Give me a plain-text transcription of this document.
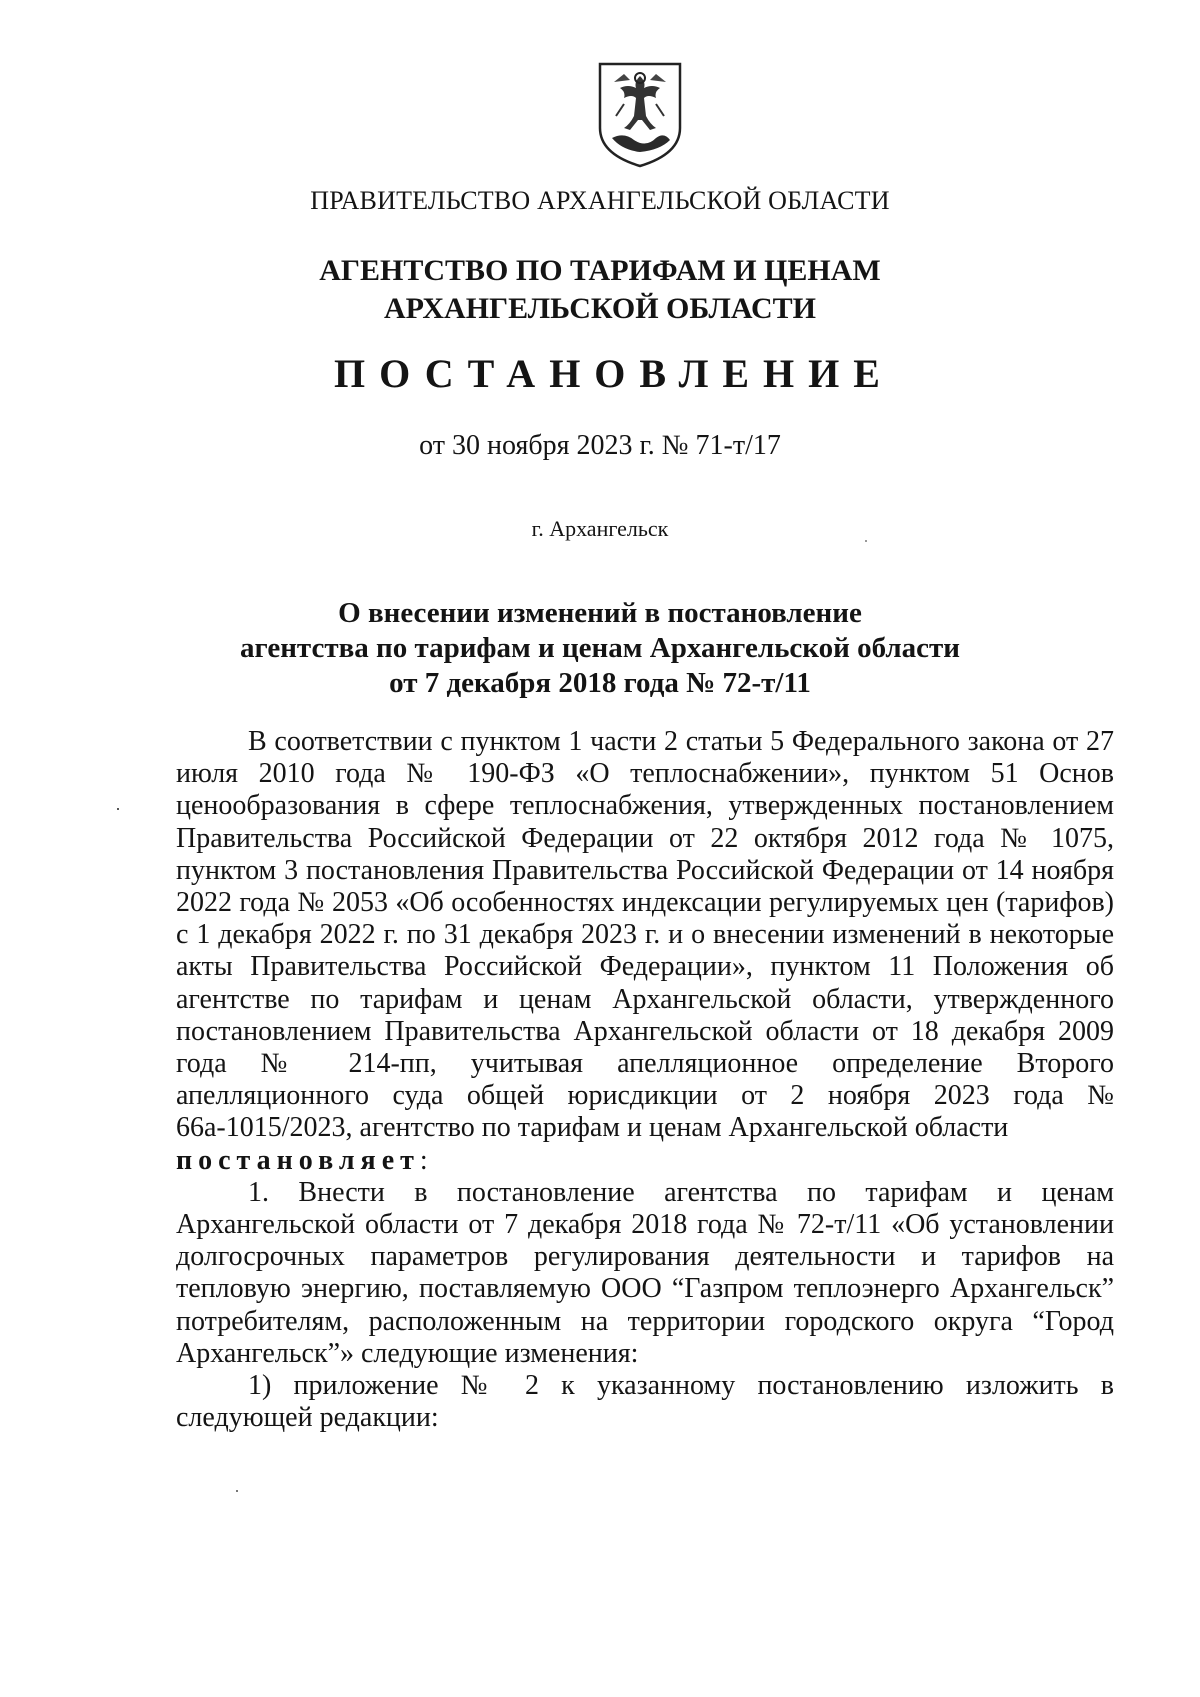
ПРАВИТЕЛЬСТВО АРХАНГЕЛЬСКОЙ ОБЛАСТИ
АГЕНТСТВО ПО ТАРИФАМ И ЦЕНАМ
АРХАНГЕЛЬСКОЙ ОБЛАСТИ
ПОСТАНОВЛЕНИЕ
от 30 ноября 2023 г. № 71-т/17
г. Архангельск
О внесении изменений в постановление
агентства по тарифам и ценам Архангельской области
от 7 декабря 2018 года № 72-т/11

В соответствии с пунктом 1 части 2 статьи 5 Федерального закона от 27 июля 2010 года № 190-ФЗ «О теплоснабжении», пунктом 51 Основ ценообразования в сфере теплоснабжения, утвержденных постановлением Правительства Российской Федерации от 22 октября 2012 года № 1075, пунктом 3 постановления Правительства Российской Федерации от 14 ноября 2022 года № 2053 «Об особенностях индексации регулируемых цен (тарифов) с 1 декабря 2022 г. по 31 декабря 2023 г. и о внесении изменений в некоторые акты Правительства Российской Федерации», пунктом 11 Положения об агентстве по тарифам и ценам Архангельской области, утвержденного постановлением Правительства Архангельской области от 18 декабря 2009 года № 214-пп, учитывая апелляционное определение Второго апелляционного суда общей юрисдикции от 2 ноября 2023 года № 66а-1015/2023, агентство по тарифам и ценам Архангельской области
постановляет:

1. Внести в постановление агентства по тарифам и ценам Архангельской области от 7 декабря 2018 года № 72-т/11 «Об установлении долгосрочных параметров регулирования деятельности и тарифов на тепловую энергию, поставляемую ООО “Газпром теплоэнерго Архангельск” потребителям, расположенным на территории городского округа “Город Архангельск”» следующие изменения:

1) приложение № 2 к указанному постановлению изложить в следующей редакции:
